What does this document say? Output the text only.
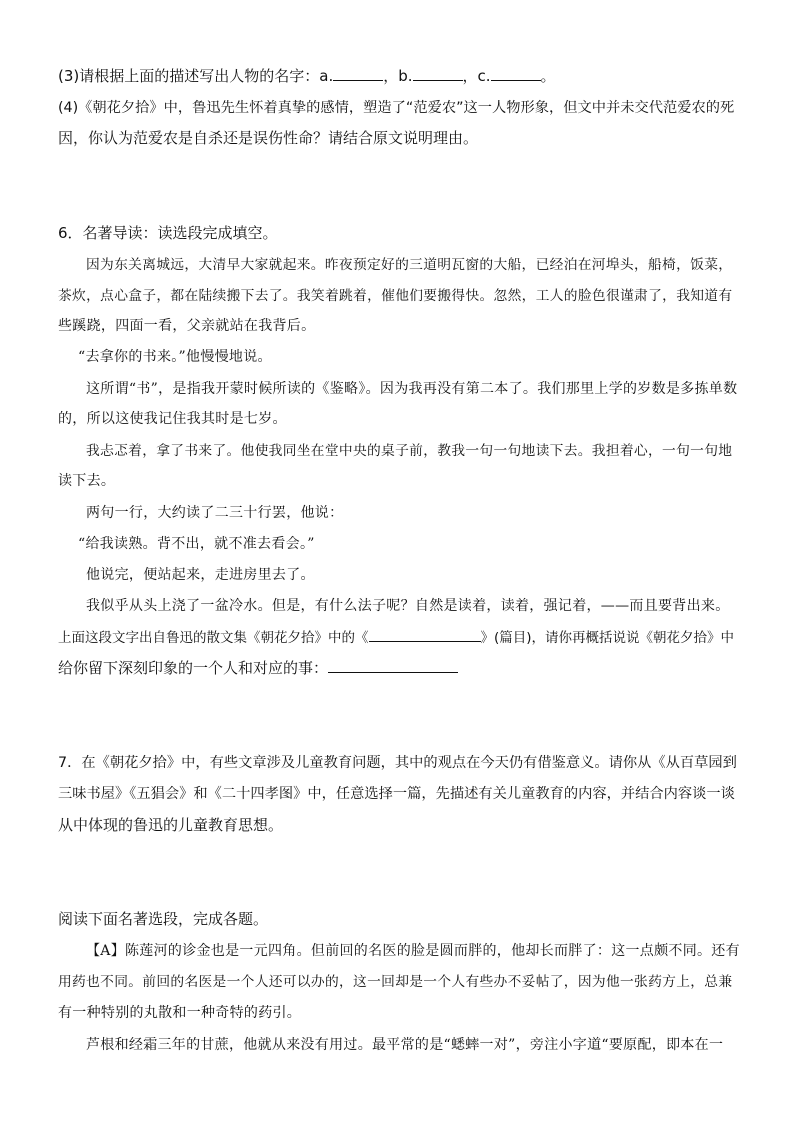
(3)请根据上面的描述写出人物的名字：a.	，b.	，c.	。
(4)《朝花夕拾》中，鲁迅先生怀着真挚的感情，塑造了“范爱农”这一人物形象，但文中并未交代范爱农的死
因，你认为范爱农是自杀还是误伤性命？请结合原文说明理由。
6．名著导读：读选段完成填空。
因为东关离城远，大清早大家就起来。昨夜预定好的三道明瓦窗的大船，已经泊在河埠头，船椅，饭菜，
茶炊，点心盒子，都在陆续搬下去了。我笑着跳着，催他们要搬得快。忽然，工人的脸色很谨肃了，我知道有
些蹊跷，四面一看，父亲就站在我背后。
“去拿你的书来。”他慢慢地说。
这所谓“书”，是指我开蒙时候所读的《鉴略》。因为我再没有第二本了。我们那里上学的岁数是多拣单数
的，所以这使我记住我其时是七岁。
我忐忑着，拿了书来了。他使我同坐在堂中央的桌子前，教我一句一句地读下去。我担着心，一句一句地
读下去。
两句一行，大约读了二三十行罢，他说：
“给我读熟。背不出，就不准去看会。”
他说完，便站起来，走进房里去了。
我似乎从头上浇了一盆冷水。但是，有什么法子呢？自然是读着，读着，强记着，——而且要背出来。
上面这段文字出自鲁迅的散文集《朝花夕拾》中的《	》(篇目)，请你再概括说说《朝花夕拾》中
给你留下深刻印象的一个人和对应的事：
7．在《朝花夕拾》中，有些文章涉及儿童教育问题，其中的观点在今天仍有借鉴意义。请你从《从百草园到
三味书屋》《五猖会》和《二十四孝图》中，任意选择一篇，先描述有关儿童教育的内容，并结合内容谈一谈
从中体现的鲁迅的儿童教育思想。
阅读下面名著选段，完成各题。
【A】陈莲河的诊金也是一元四角。但前回的名医的脸是圆而胖的，他却长而胖了：这一点颇不同。还有
用药也不同。前回的名医是一个人还可以办的，这一回却是一个人有些办不妥帖了，因为他一张药方上，总兼
有一种特别的丸散和一种奇特的药引。
芦根和经霜三年的甘蔗，他就从来没有用过。最平常的是“蟋蟀一对”，旁注小字道“要原配，即本在一
